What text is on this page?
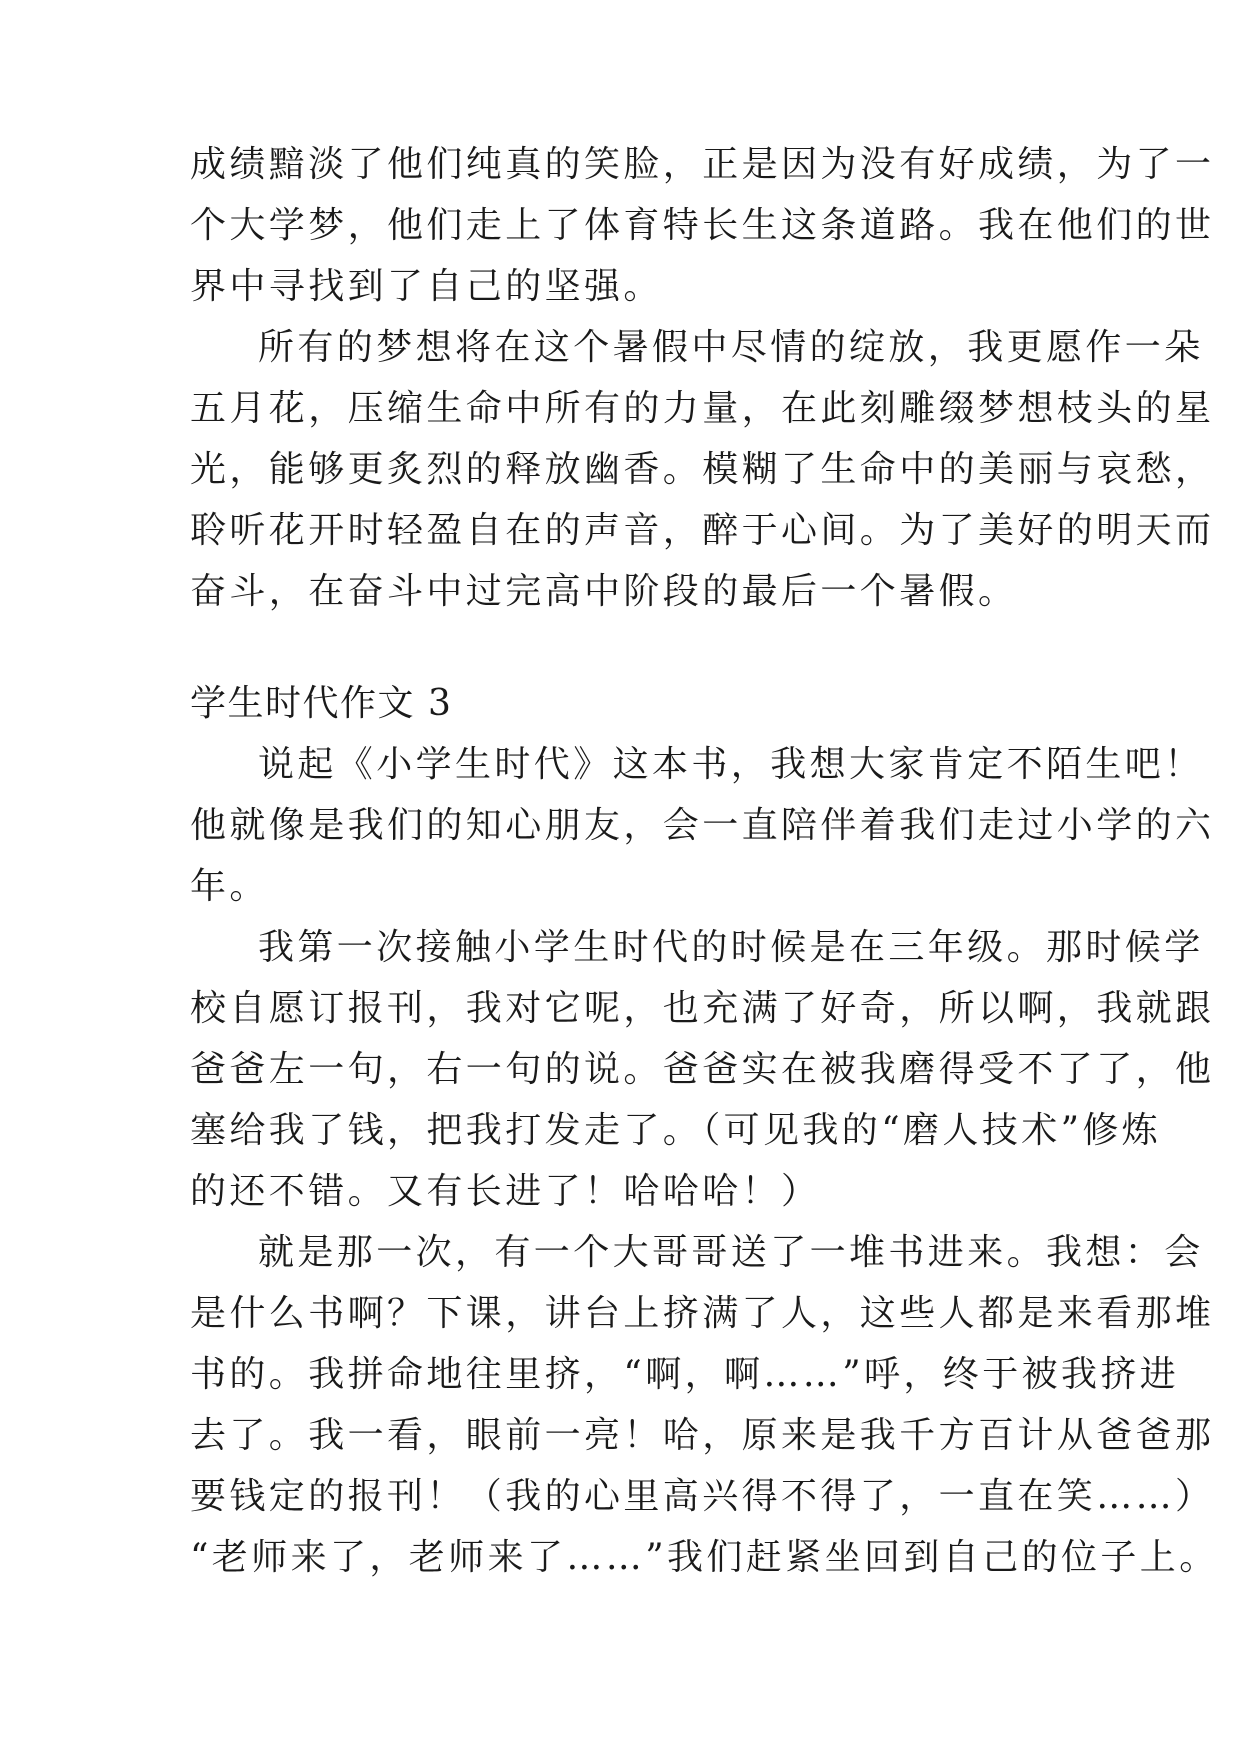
成绩黯淡了他们纯真的笑脸，正是因为没有好成绩，为了一
个大学梦，他们走上了体育特长生这条道路。我在他们的世
界中寻找到了自己的坚强。
所有的梦想将在这个暑假中尽情的绽放，我更愿作一朵
五月花，压缩生命中所有的力量，在此刻雕缀梦想枝头的星
光，能够更炙烈的释放幽香。模糊了生命中的美丽与哀愁，
聆听花开时轻盈自在的声音，醉于心间。为了美好的明天而
奋斗，在奋斗中过完高中阶段的最后一个暑假。
学生时代作文 3
说起《小学生时代》这本书，我想大家肯定不陌生吧！
他就像是我们的知心朋友，会一直陪伴着我们走过小学的六
年。
我第一次接触小学生时代的时候是在三年级。那时候学
校自愿订报刊，我对它呢，也充满了好奇，所以啊，我就跟
爸爸左一句，右一句的说。爸爸实在被我磨得受不了了，他
塞给我了钱，把我打发走了。（可见我的“磨人技术”修炼
的还不错。又有长进了！哈哈哈！）
就是那一次，有一个大哥哥送了一堆书进来。我想：会
是什么书啊？下课，讲台上挤满了人，这些人都是来看那堆
书的。我拼命地往里挤，“啊，啊……”呼，终于被我挤进
去了。我一看，眼前一亮！哈，原来是我千方百计从爸爸那
要钱定的报刊！（我的心里高兴得不得了，一直在笑……）
“老师来了，老师来了……”我们赶紧坐回到自己的位子上。
